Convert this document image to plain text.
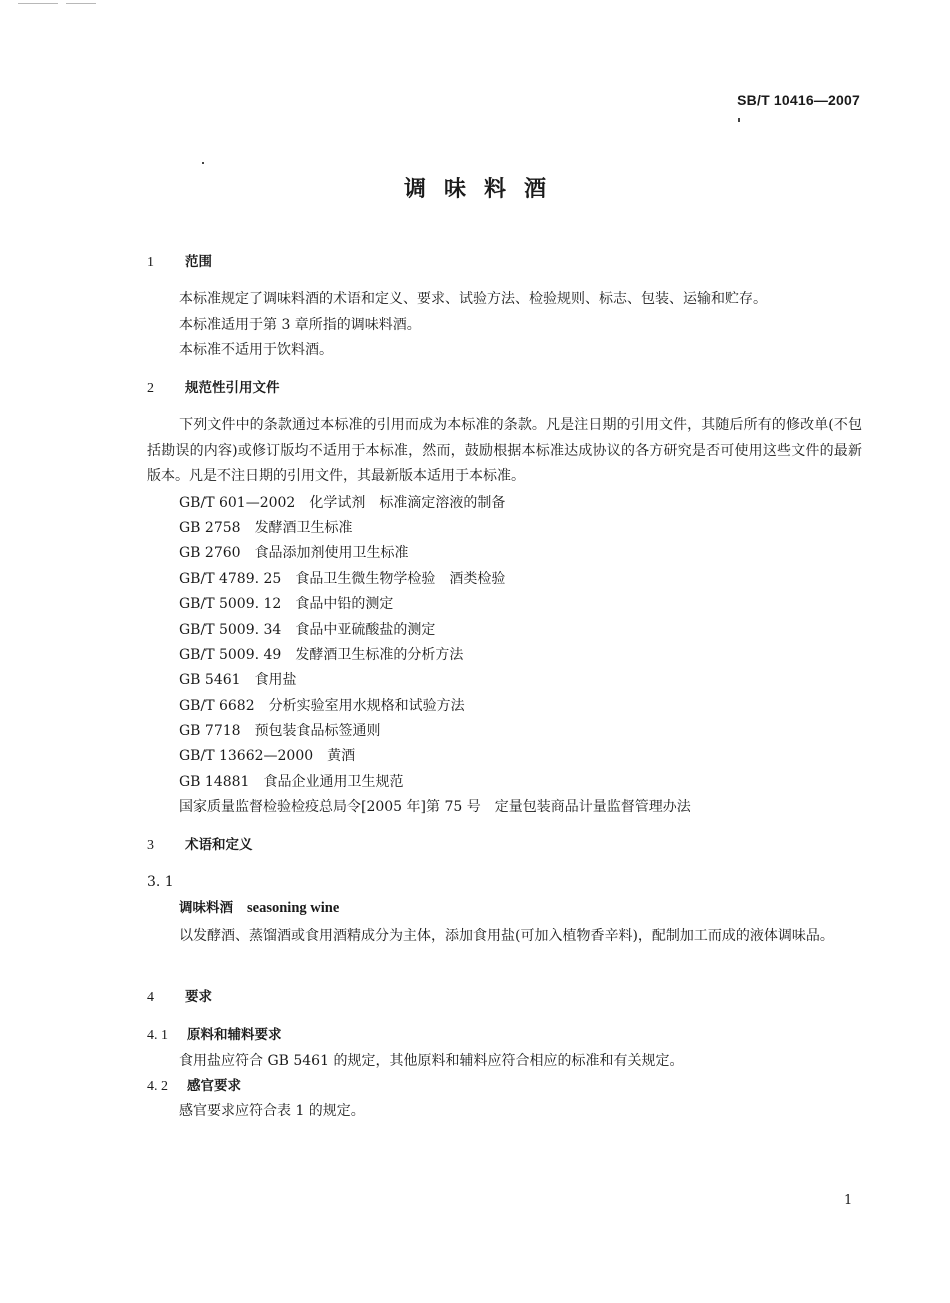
SB/T 10416—2007
调味料酒
1 范围
本标准规定了调味料酒的术语和定义、要求、试验方法、检验规则、标志、包装、运输和贮存。
本标准适用于第 3 章所指的调味料酒。
本标准不适用于饮料酒。
2 规范性引用文件
下列文件中的条款通过本标准的引用而成为本标准的条款。凡是注日期的引用文件，其随后所有的修改单(不包括勘误的内容)或修订版均不适用于本标准，然而，鼓励根据本标准达成协议的各方研究是否可使用这些文件的最新版本。凡是不注日期的引用文件，其最新版本适用于本标准。
GB/T 601—2002 化学试剂　标准滴定溶液的制备
GB 2758 发酵酒卫生标准
GB 2760 食品添加剂使用卫生标准
GB/T 4789. 25 食品卫生微生物学检验　酒类检验
GB/T 5009. 12 食品中铅的测定
GB/T 5009. 34 食品中亚硫酸盐的测定
GB/T 5009. 49 发酵酒卫生标准的分析方法
GB 5461 食用盐
GB/T 6682 分析实验室用水规格和试验方法
GB 7718 预包装食品标签通则
GB/T 13662—2000 黄酒
GB 14881 食品企业通用卫生规范
国家质量监督检验检疫总局令[2005 年]第 75 号 定量包装商品计量监督管理办法
3 术语和定义
3. 1
调味料酒 seasoning wine
以发酵酒、蒸馏酒或食用酒精成分为主体，添加食用盐(可加入植物香辛料)，配制加工而成的液体调味品。
4 要求
4. 1 原料和辅料要求
食用盐应符合 GB 5461 的规定，其他原料和辅料应符合相应的标准和有关规定。
4. 2 感官要求
感官要求应符合表 1 的规定。
1
